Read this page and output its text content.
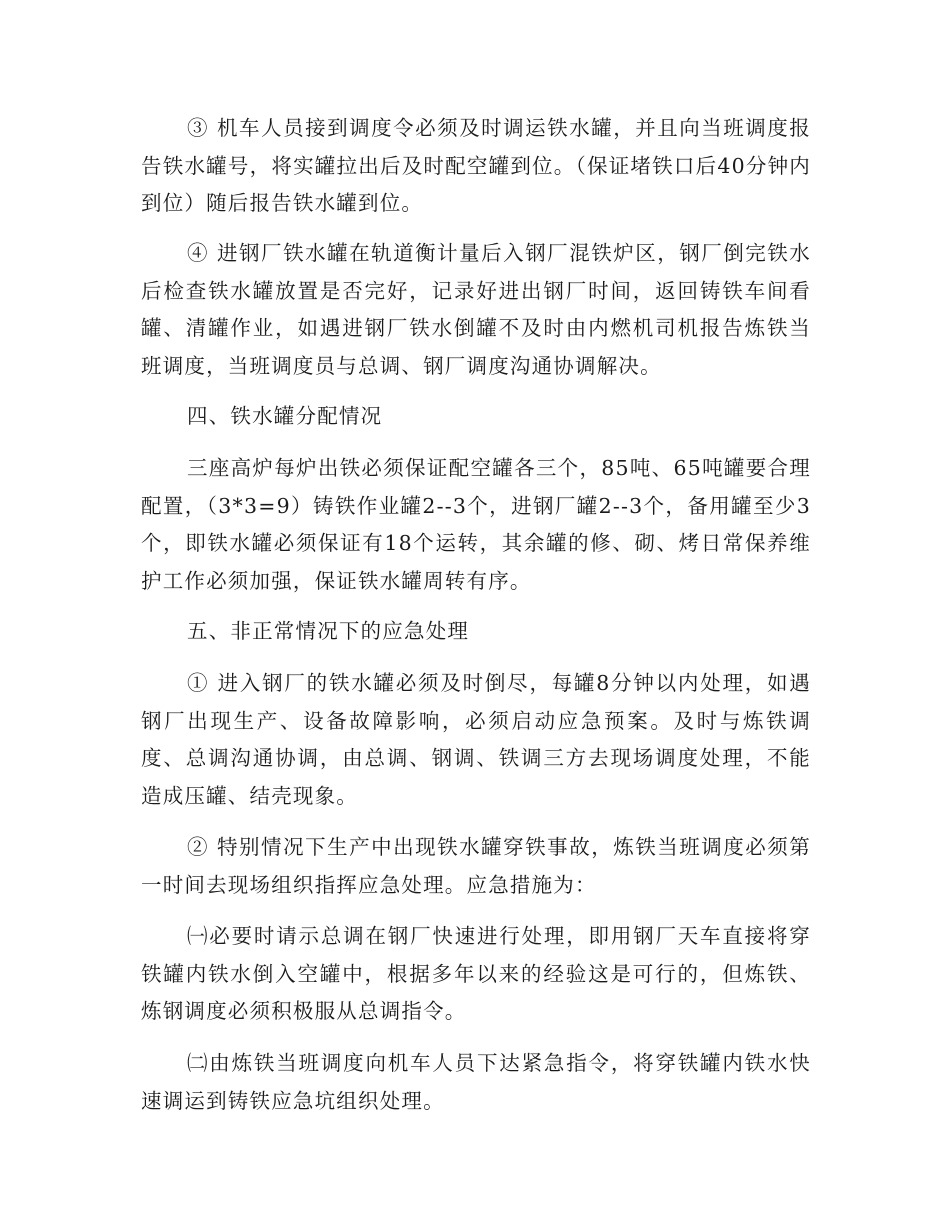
③ 机车人员接到调度令必须及时调运铁水罐，并且向当班调度报告铁水罐号，将实罐拉出后及时配空罐到位。（保证堵铁口后40分钟内到位）随后报告铁水罐到位。

④ 进钢厂铁水罐在轨道衡计量后入钢厂混铁炉区，钢厂倒完铁水后检查铁水罐放置是否完好，记录好进出钢厂时间，返回铸铁车间看罐、清罐作业，如遇进钢厂铁水倒罐不及时由内燃机司机报告炼铁当班调度，当班调度员与总调、钢厂调度沟通协调解决。

四、铁水罐分配情况

三座高炉每炉出铁必须保证配空罐各三个，85吨、65吨罐要合理配置，（3*3=9）铸铁作业罐2--3个，进钢厂罐2--3个，备用罐至少3个，即铁水罐必须保证有18个运转，其余罐的修、砌、烤日常保养维护工作必须加强，保证铁水罐周转有序。

五、非正常情况下的应急处理

① 进入钢厂的铁水罐必须及时倒尽，每罐8分钟以内处理，如遇钢厂出现生产、设备故障影响，必须启动应急预案。及时与炼铁调度、总调沟通协调，由总调、钢调、铁调三方去现场调度处理，不能造成压罐、结壳现象。

② 特别情况下生产中出现铁水罐穿铁事故，炼铁当班调度必须第一时间去现场组织指挥应急处理。应急措施为：

㈠必要时请示总调在钢厂快速进行处理，即用钢厂天车直接将穿铁罐内铁水倒入空罐中，根据多年以来的经验这是可行的，但炼铁、炼钢调度必须积极服从总调指令。

㈡由炼铁当班调度向机车人员下达紧急指令，将穿铁罐内铁水快速调运到铸铁应急坑组织处理。
